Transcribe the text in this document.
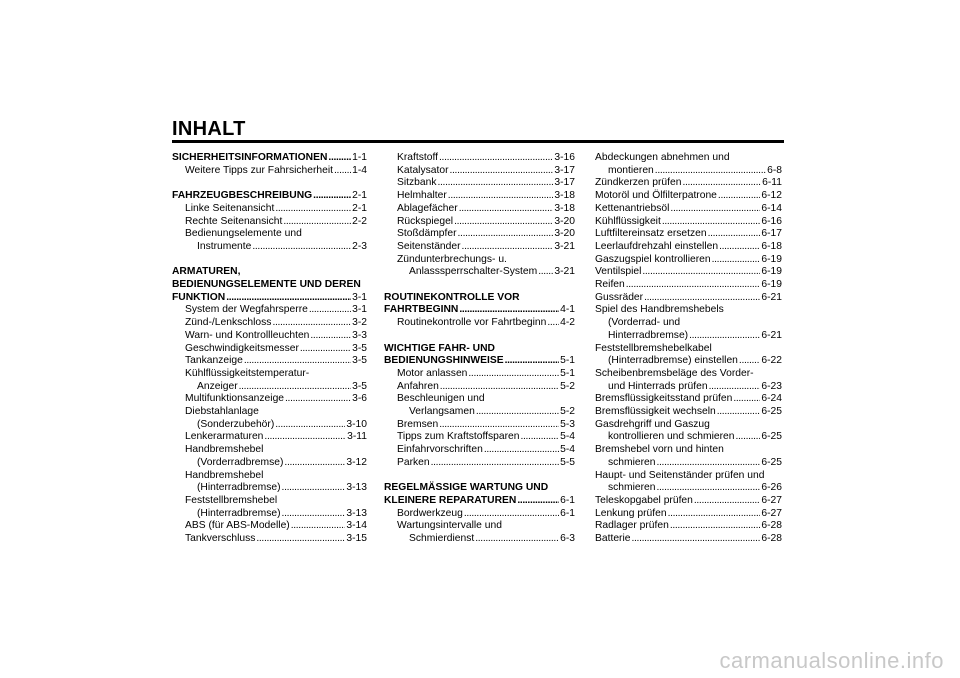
INHALT
SICHERHEITSINFORMATIONEN . . . 1-1
Weitere Tipps zur Fahrsicherheit . . . 1-4
FAHRZEUGBESCHREIBUNG . . .	2-1
Linke Seitenansicht . . .	2-1
Rechte Seitenansicht . . .	2-2
Bedienungselemente und
Instrumente . . .	2-3
ARMATUREN,
BEDIENUNGSELEMENTE UND DEREN
FUNKTION . . .	3-1
System der Wegfahrsperre . . .	3-1
Zünd-/Lenkschloss . . .	3-2
Warn- und Kontrollleuchten . . .	3-3
Geschwindigkeitsmesser . . .	3-5
Tankanzeige . . .	3-5
Kühlflüssigkeitstemperatur-
Anzeiger . . .	3-5
Multifunktionsanzeige . . .	3-6
Diebstahlanlage
(Sonderzubehör) . . .	3-10
Lenkerarmaturen . . .	3-11
Handbremshebel
(Vorderradbremse) . . .	3-12
Handbremshebel
(Hinterradbremse) . . .	3-13
Feststellbremshebel
(Hinterradbremse) . . .	3-13
ABS (für ABS-Modelle) . . .	3-14
Tankverschluss . . .	3-15
Kraftstoff . . .	3-16
Katalysator . . .	3-17
Sitzbank . . .	3-17
Helmhalter . . .	3-18
Ablagefächer . . .	3-18
Rückspiegel . . .	3-20
Stoßdämpfer . . .	3-20
Seitenständer . . .	3-21
Zündunterbrechungs- u.
Anlasssperrschalter-System . . . 3-21
ROUTINEKONTROLLE VOR
FAHRTBEGINN . . .	4-1
Routinekontrolle vor Fahrtbeginn . . . 4-2
WICHTIGE FAHR- UND
BEDIENUNGSHINWEISE . . .	5-1
Motor anlassen . . .	5-1
Anfahren . . .	5-2
Beschleunigen und
Verlangsamen . . .	5-2
Bremsen . . .	5-3
Tipps zum Kraftstoffsparen . . .	5-4
Einfahrvorschriften . . .	5-4
Parken . . .	5-5
REGELMÄSSIGE WARTUNG UND
KLEINERE REPARATUREN . . .	6-1
Bordwerkzeug . . .	6-1
Wartungsintervalle und
Schmierdienst . . .	6-3
Abdeckungen abnehmen und
montieren . . .	6-8
Zündkerzen prüfen . . .	6-11
Motoröl und Ölfilterpatrone . . .	6-12
Kettenantriebsöl . . .	6-14
Kühlflüssigkeit . . .	6-16
Luftfiltereinsatz ersetzen . . .	6-17
Leerlaufdrehzahl einstellen . . .	6-18
Gaszugspiel kontrollieren . . .	6-19
Ventilspiel . . .	6-19
Reifen . . .	6-19
Gussräder . . .	6-21
Spiel des Handbremshebels
(Vorderrad- und
Hinterradbremse) . . .	6-21
Feststellbremshebelkabel
(Hinterradbremse) einstellen . . . 6-22
Scheibenbremsbeläge des Vorder-
und Hinterrads prüfen . . .	6-23
Bremsflüssigkeitsstand prüfen . . .	6-24
Bremsflüssigkeit wechseln . . .	6-25
Gasdrehgriff und Gaszug
kontrollieren und schmieren . . .	6-25
Bremshebel vorn und hinten
schmieren . . .	6-25
Haupt- und Seitenständer prüfen und
schmieren . . .	6-26
Teleskopgabel prüfen . . .	6-27
Lenkung prüfen . . .	6-27
Radlager prüfen . . .	6-28
Batterie . . .	6-28
carmanualsonline.info
